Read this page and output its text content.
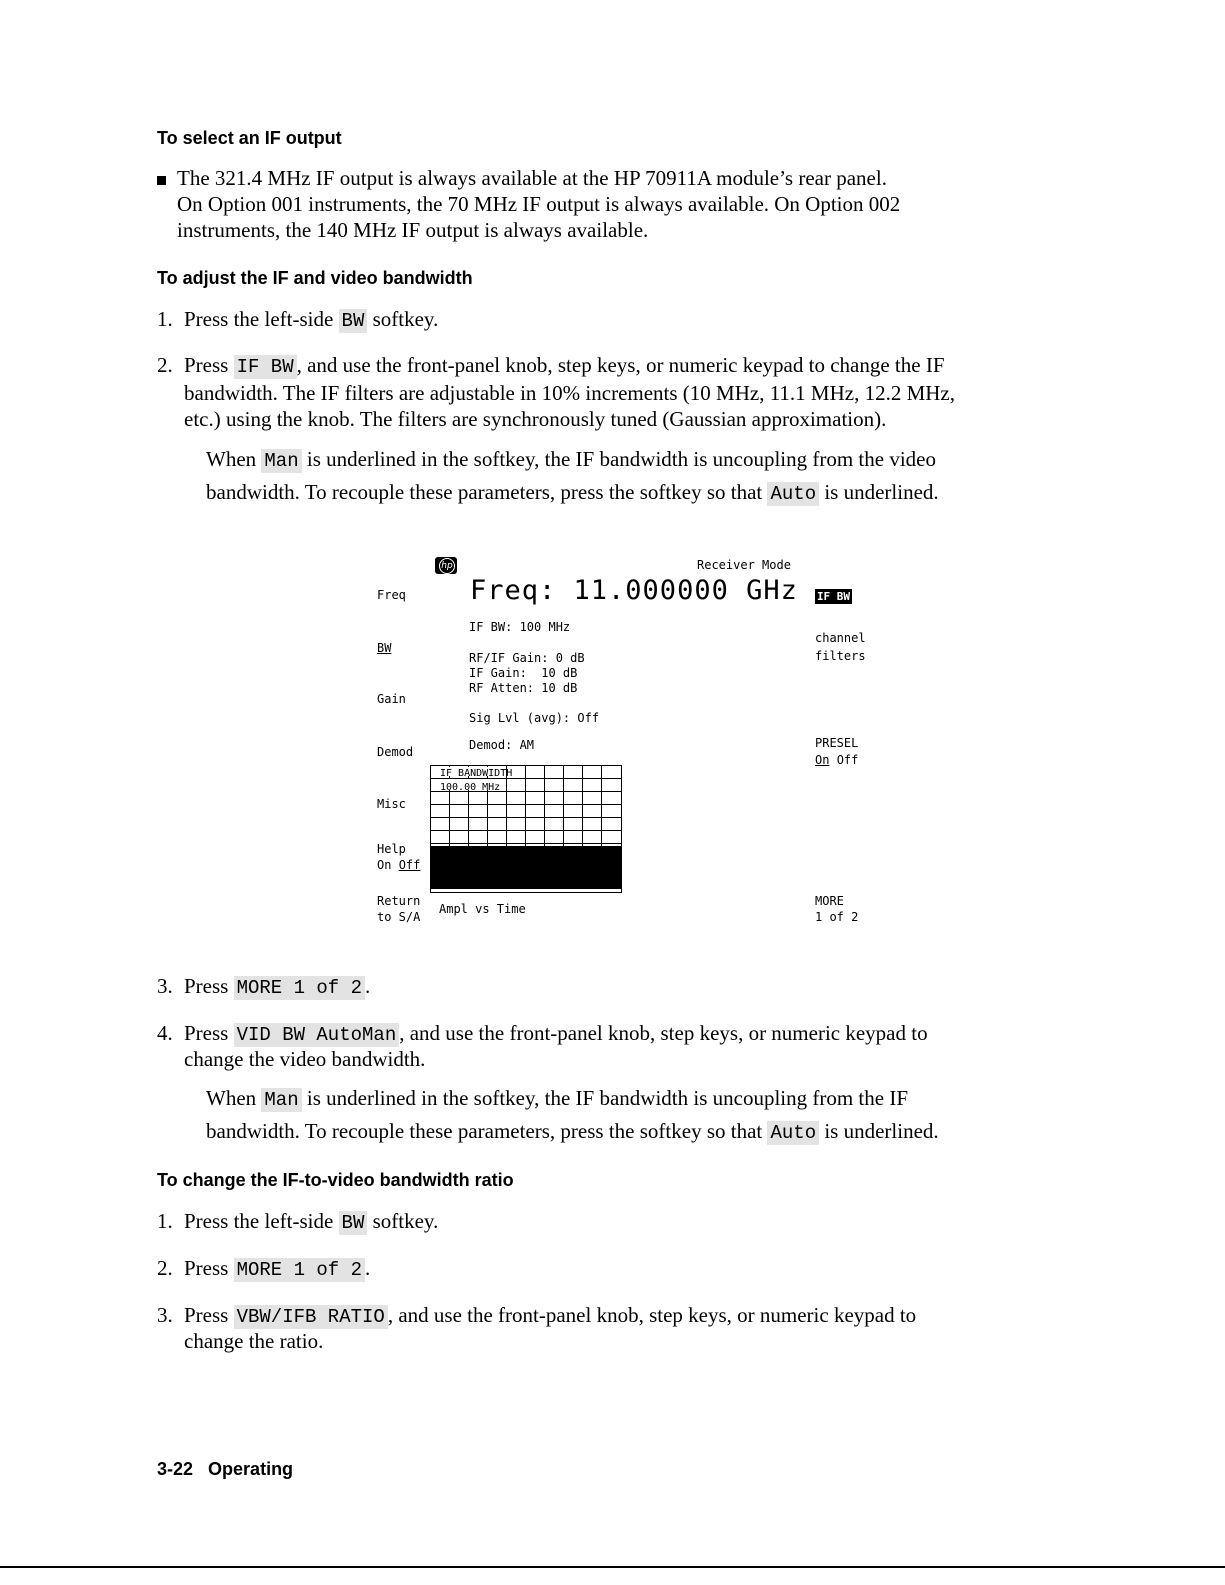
To select an IF output
The 321.4 MHz IF output is always available at the HP 70911A module’s rear panel.
On Option 001 instruments, the 70 MHz IF output is always available. On Option 002
instruments, the 140 MHz IF output is always available.
To adjust the IF and video bandwidth
1. Press the left-side BW softkey.
2. Press IF BW , and use the front-panel knob, step keys, or numeric keypad to change the IF
bandwidth. The IF filters are adjustable in 10% increments (10 MHz, 11.1 MHz, 12.2 MHz,
etc.) using the knob. The filters are synchronously tuned (Gaussian approximation).
When Man is underlined in the softkey, the IF bandwidth is uncoupling from the video
bandwidth. To recouple these parameters, press the softkey so that Auto is underlined.
hp	Receiver Mode
Freq: 11.000000 GHz IF BW
Freq
BW
Gain
Demod
Misc
Help
On Off
Return
to S/A
IF BW: 100 MHz
RF/IF Gain: 0 dB
IF Gain:  10 dB
RF Atten: 10 dB
Sig Lvl (avg): Off
Demod: AM
channel
filters
PRESEL
On Off
MORE
1 of 2
IF BANDWIDTH
100.00 MHz
Ampl vs Time
3. Press MORE 1 of 2 .
4. Press VID BW AutoMan , and use the front-panel knob, step keys, or numeric keypad to
change the video bandwidth.
When Man is underlined in the softkey, the IF bandwidth is uncoupling from the IF
bandwidth. To recouple these parameters, press the softkey so that Auto is underlined.
To change the IF-to-video bandwidth ratio
1. Press the left-side BW softkey.
2. Press MORE 1 of 2 .
3. Press VBW/IFB RATIO , and use the front-panel knob, step keys, or numeric keypad to
change the ratio.
3-22 Operating
